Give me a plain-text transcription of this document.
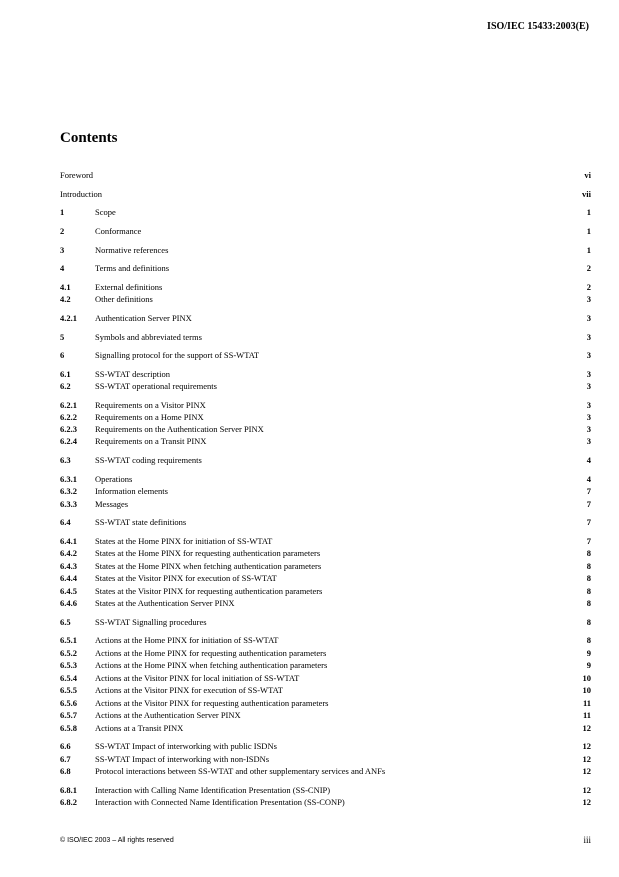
ISO/IEC 15433:2003(E)
Contents
Foreword	vi
Introduction	vii
1	Scope	1
2	Conformance	1
3	Normative references	1
4	Terms and definitions	2
4.1	External definitions	2
4.2	Other definitions	3
4.2.1 Authentication Server PINX	3
5	Symbols and abbreviated terms	3
6	Signalling protocol for the support of SS-WTAT	3
6.1	SS-WTAT description	3
6.2	SS-WTAT operational requirements	3
6.2.1 Requirements on a Visitor PINX	3
6.2.2 Requirements on a Home PINX	3
6.2.3 Requirements on the Authentication Server PINX	3
6.2.4 Requirements on a Transit PINX	3
6.3	SS-WTAT coding requirements	4
6.3.1 Operations	4
6.3.2 Information elements	7
6.3.3 Messages	7
6.4	SS-WTAT state definitions	7
6.4.1 States at the Home PINX for initiation of SS-WTAT	7
6.4.2 States at the Home PINX for requesting authentication parameters	8
6.4.3 States at the Home PINX when fetching authentication parameters	8
6.4.4 States at the Visitor PINX for execution of SS-WTAT	8
6.4.5 States at the Visitor PINX for requesting authentication parameters	8
6.4.6 States at the Authentication Server PINX	8
6.5	SS-WTAT Signalling procedures	8
6.5.1 Actions at the Home PINX for initiation of SS-WTAT	8
6.5.2 Actions at the Home PINX for requesting authentication parameters	9
6.5.3 Actions at the Home PINX when fetching authentication parameters	9
6.5.4 Actions at the Visitor PINX for local initiation of SS-WTAT	10
6.5.5 Actions at the Visitor PINX for execution of SS-WTAT	10
6.5.6 Actions at the Visitor PINX for requesting authentication parameters	11
6.5.7 Actions at the Authentication Server PINX	11
6.5.8 Actions at a Transit PINX	12
6.6	SS-WTAT Impact of interworking with public ISDNs	12
6.7	SS-WTAT Impact of interworking with non-ISDNs	12
6.8	Protocol interactions between SS-WTAT and other supplementary services and ANFs	12
6.8.1 Interaction with Calling Name Identification Presentation (SS-CNIP)	12
6.8.2 Interaction with Connected Name Identification Presentation (SS-CONP)	12
© ISO/IEC 2003 – All rights reserved	iii
